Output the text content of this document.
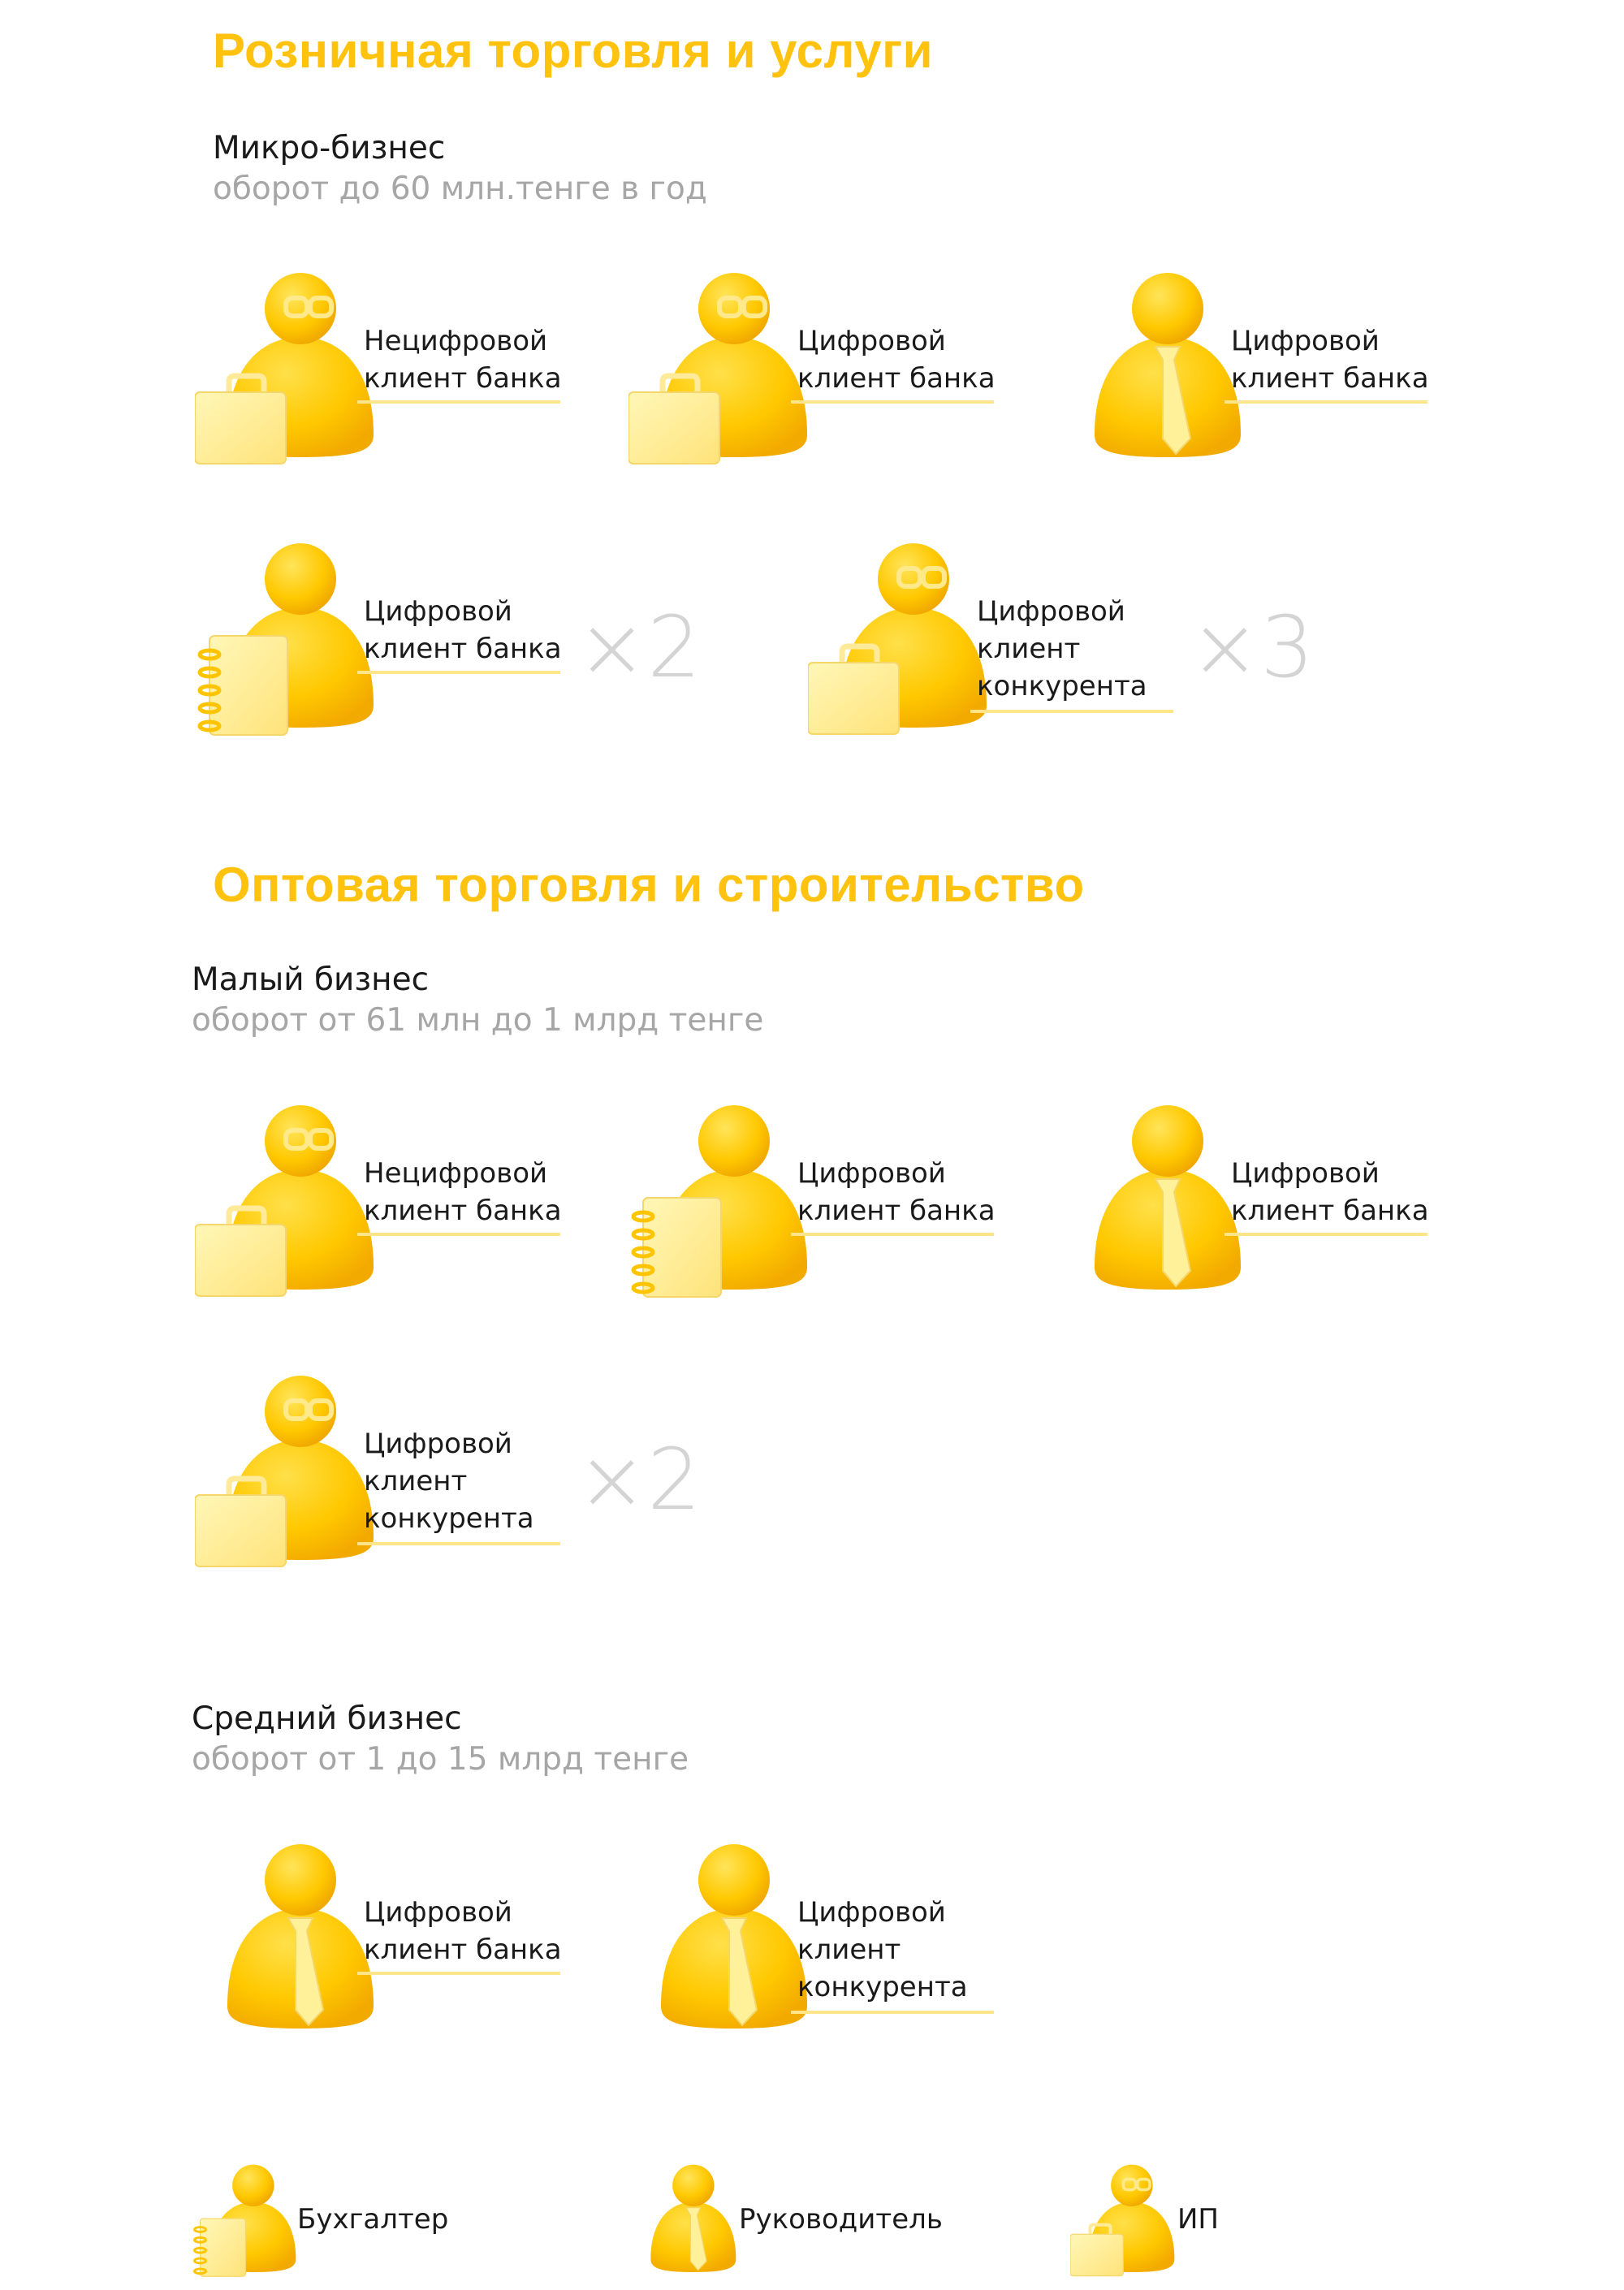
Розничная торговля и услуги
Микро-бизнес
оборот до 60 млн.тенге в год
Нецифровой
клиент банка
Цифровой
клиент банка
Цифровой
клиент банка
Цифровой
клиент банка ×2	Цифровой
клиент
конкурента ×3
Оптовая торговля и строительство
Малый бизнес
оборот от 61 млн до 1 млрд тенге
Нецифровой
клиент банка
Цифровой
клиент банка
Цифровой
клиент банка
Цифровой
клиент
конкурента ×2
Средний бизнес
оборот от 1 до 15 млрд тенге
Цифровой
клиент банка
Цифровой
клиент
конкурента
Бухгалтер	Руководитель	ИП
